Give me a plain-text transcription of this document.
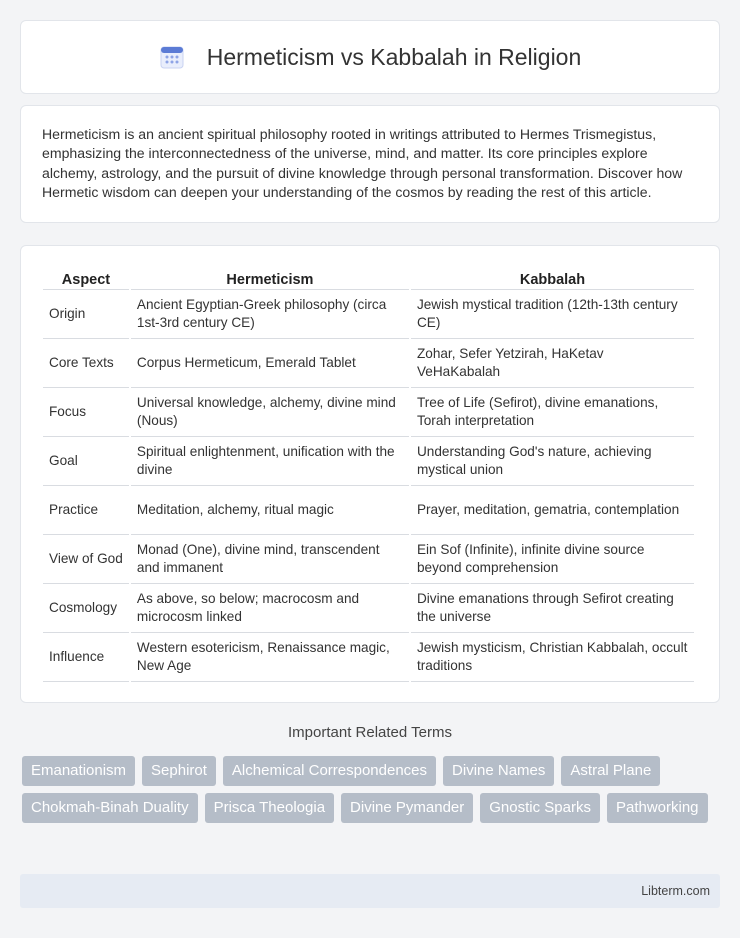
Hermeticism vs Kabbalah in Religion

Hermeticism is an ancient spiritual philosophy rooted in writings attributed to Hermes Trismegistus, emphasizing the interconnectedness of the universe, mind, and matter. Its core principles explore alchemy, astrology, and the pursuit of divine knowledge through personal transformation. Discover how Hermetic wisdom can deepen your understanding of the cosmos by reading the rest of this article.

Aspect	Hermeticism	Kabbalah
Origin	Ancient Egyptian-Greek philosophy (circa 1st-3rd century CE)	Jewish mystical tradition (12th-13th century CE)
Core Texts	Corpus Hermeticum, Emerald Tablet	Zohar, Sefer Yetzirah, HaKetav VeHaKabalah
Focus	Universal knowledge, alchemy, divine mind (Nous)	Tree of Life (Sefirot), divine emanations, Torah interpretation
Goal	Spiritual enlightenment, unification with the divine	Understanding God's nature, achieving mystical union
Practice	Meditation, alchemy, ritual magic	Prayer, meditation, gematria, contemplation
View of God	Monad (One), divine mind, transcendent and immanent	Ein Sof (Infinite), infinite divine source beyond comprehension
Cosmology	As above, so below; macrocosm and microcosm linked	Divine emanations through Sefirot creating the universe
Influence	Western esotericism, Renaissance magic, New Age	Jewish mysticism, Christian Kabbalah, occult traditions
Important Related Terms
Emanationism	Sephirot	Alchemical Correspondences	Divine Names	Astral Plane
Chokmah-Binah Duality	Prisca Theologia	Divine Pymander	Gnostic Sparks	Pathworking
Libterm.com
